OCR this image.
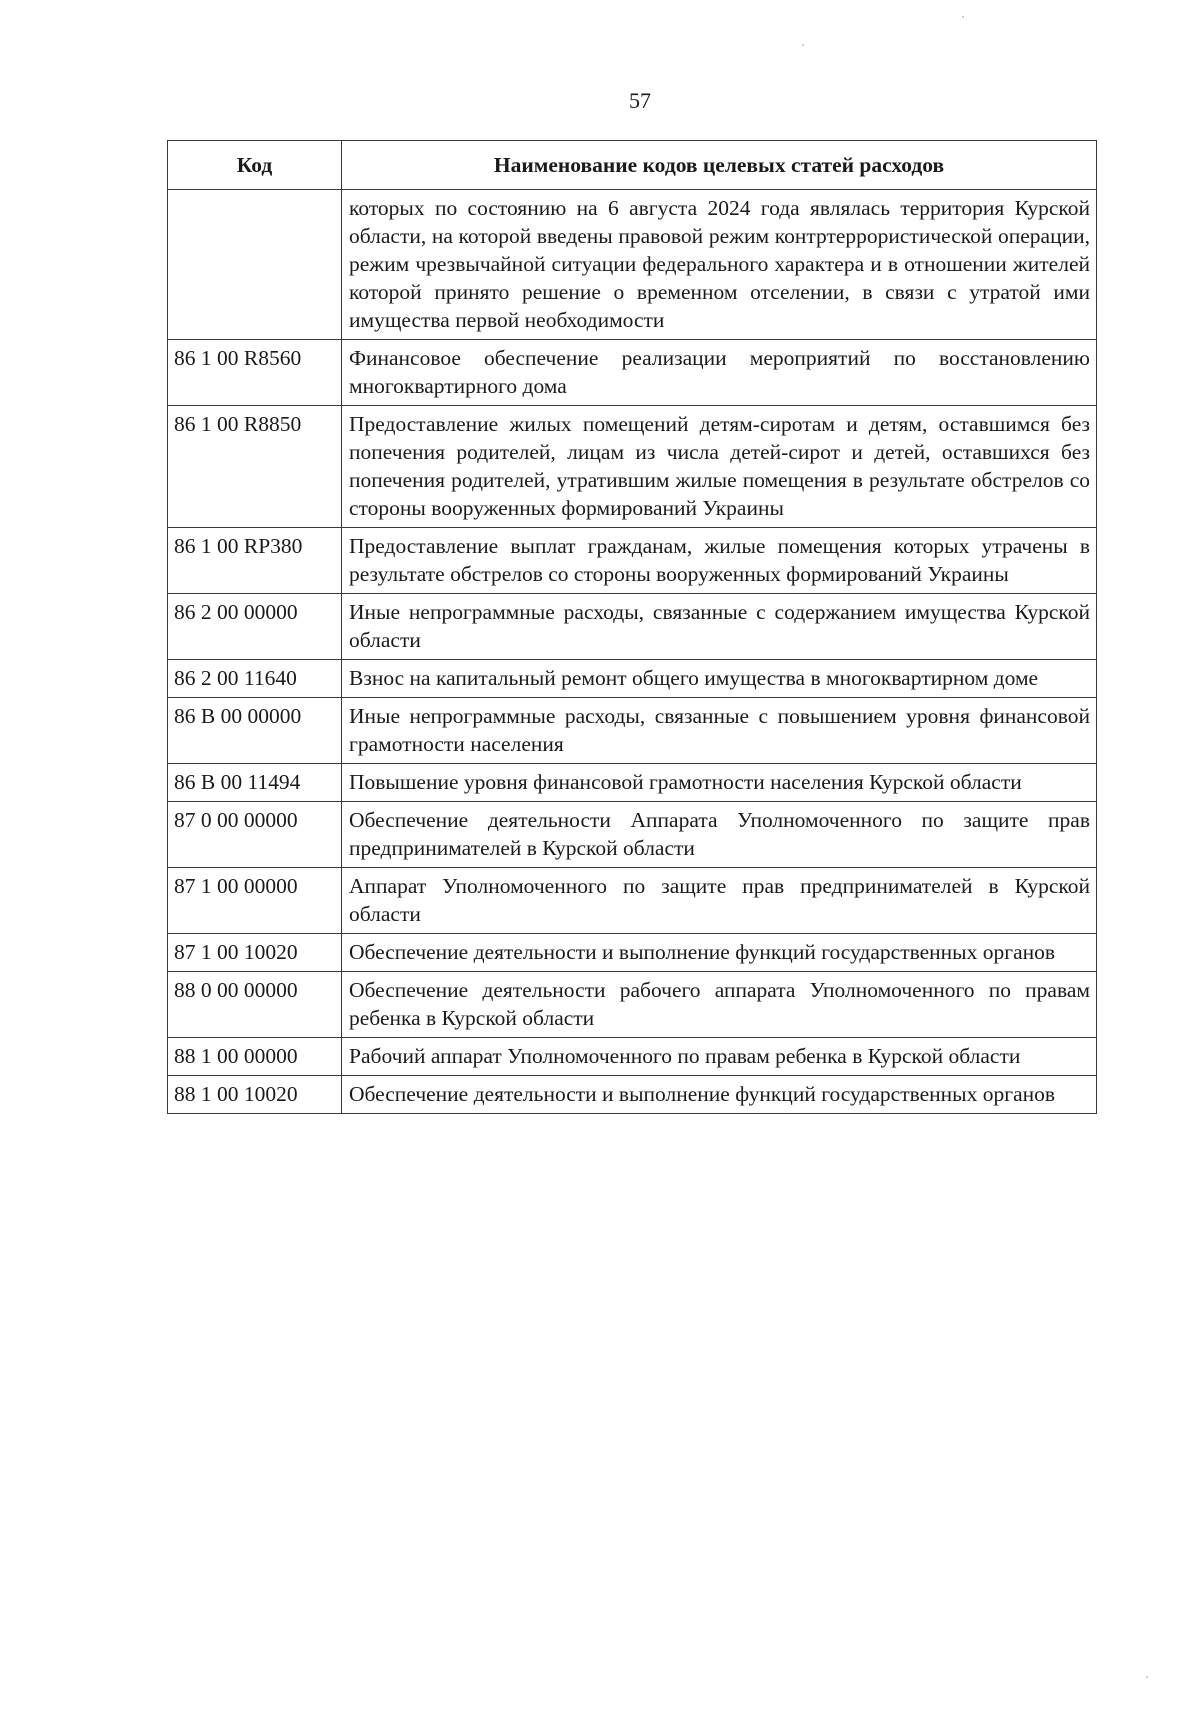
57
Код	Наименование кодов целевых статей расходов
	которых по состоянию на 6 августа 2024 года являлась территория Курской области, на которой введены правовой режим контртеррористической операции, режим чрезвычайной ситуации федерального характера и в отношении жителей которой принято решение о временном отселении, в связи с утратой ими имущества первой необходимости
86 1 00 R8560	Финансовое обеспечение реализации мероприятий по восстановлению многоквартирного дома
86 1 00 R8850	Предоставление жилых помещений детям-сиротам и детям, оставшимся без попечения родителей, лицам из числа детей-сирот и детей, оставшихся без попечения родителей, утратившим жилые помещения в результате обстрелов со стороны вооруженных формирований Украины
86 1 00 RP380	Предоставление выплат гражданам, жилые помещения которых утрачены в результате обстрелов со стороны вооруженных формирований Украины
86 2 00 00000	Иные непрограммные расходы, связанные с содержанием имущества Курской области
86 2 00 11640	Взнос на капитальный ремонт общего имущества в многоквартирном доме
86 В 00 00000	Иные непрограммные расходы, связанные с повышением уровня финансовой грамотности населения
86 В 00 11494	Повышение уровня финансовой грамотности населения Курской области
87 0 00 00000	Обеспечение деятельности Аппарата Уполномоченного по защите прав предпринимателей в Курской области
87 1 00 00000	Аппарат Уполномоченного по защите прав предпринимателей в Курской области
87 1 00 10020	Обеспечение деятельности и выполнение функций государственных органов
88 0 00 00000	Обеспечение деятельности рабочего аппарата Уполномоченного по правам ребенка в Курской области
88 1 00 00000	Рабочий аппарат Уполномоченного по правам ребенка в Курской области
88 1 00 10020	Обеспечение деятельности и выполнение функций государственных органов
